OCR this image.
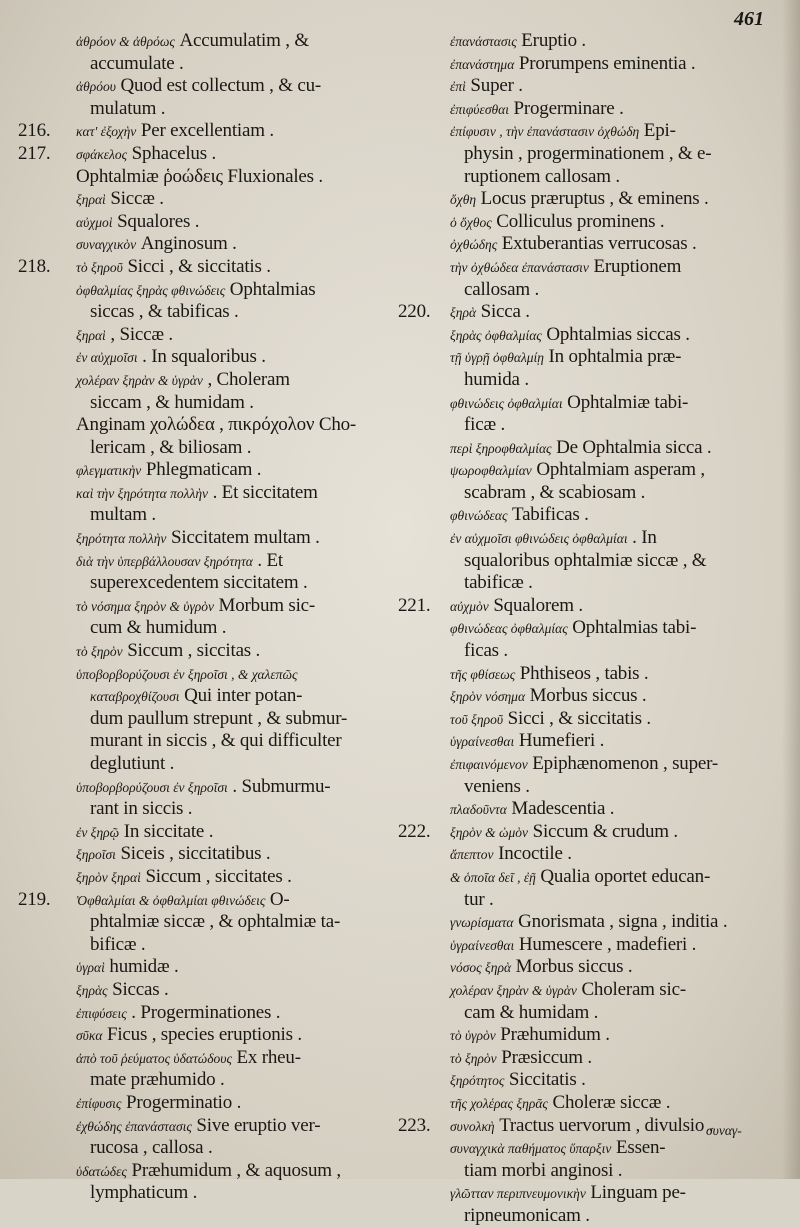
461
ἀθρόον & ἀθρόως Accumulatim , &
accumulate .
ἀθρόου Quod est collectum , & cu-
mulatum .
216. κατ' ἐξοχὴν Per excellentiam .
217. σφάκελος Sphacelus .
Ophtalmiæ ῥοώδεις Fluxionales .
ξηραὶ Siccæ .
αὐχμοὶ Squalores .
συναγχικὸν Anginosum .
218. τὸ ξηροῦ Sicci , & siccitatis .
ὀφθαλμίας ξηρὰς φθινώδεις Ophtalmias
siccas , & tabificas .
ξηραὶ , Siccæ .
ἐν αὐχμοῖσι . In squaloribus .
χολέραν ξηρὰν & ὑγρὰν , Choleram
siccam , & humidam .
Anginam χολώδεα , πικρόχολον Cho-
lericam , & biliosam .
φλεγματικὴν Phlegmaticam .
καὶ τὴν ξηρότητα πολλὴν . Et siccitatem
multam .
ξηρότητα πολλὴν Siccitatem multam .
διὰ τὴν ὑπερβάλλουσαν ξηρότητα . Et
superexcedentem siccitatem .
τὸ νόσημα ξηρὸν & ὑγρὸν Morbum sic-
cum & humidum .
τὸ ξηρὸν Siccum , siccitas .
ὑποβορβορύζουσι ἐν ξηροῖσι , & χαλεπῶς
καταβροχθίζουσι Qui inter potan-
dum paullum strepunt , & submur-
murant in siccis , & qui difficulter
deglutiunt .
ὑποβορβορύζουσι ἐν ξηροῖσι . Submurmu-
rant in siccis .
ἐν ξηρῷ In siccitate .
ξηροῖσι Siceis , siccitatibus .
ξηρὸν ξηραὶ Siccum , siccitates .
219. Ὀφθαλμίαι & ὀφθαλμίαι φθινώδεις O-
phtalmiæ siccæ , & ophtalmiæ ta-
bificæ .
ὑγραὶ humidæ .
ξηρὰς Siccas .
ἐπιφύσεις . Progerminationes .
σῦκα Ficus , species eruptionis .
ἀπὸ τοῦ ῥεύματος ὑδατώδους Ex rheu-
mate præhumido .
ἐπίφυσις Progerminatio .
ἐχθώδης ἐπανάστασις Sive eruptio ver-
rucosa , callosa .
ὑδατώδες Præhumidum , & aquosum ,
lymphaticum .
ἐπανάστασις Eruptio .
ἐπανάστημα Prorumpens eminentia .
ἐπὶ Super .
ἐπιφύεσθαι Progerminare .
ἐπίφυσιν , τὴν ἐπανάστασιν ὀχθώδη Epi-
physin , progerminationem , & e-
ruptionem callosam .
ὄχθη Locus præruptus , & eminens .
ὁ ὄχθος Colliculus prominens .
ὀχθώδης Extuberantias verrucosas .
τὴν ὀχθώδεα ἐπανάστασιν Eruptionem
callosam .
220. ξηρὰ Sicca .
ξηρὰς ὀφθαλμίας Ophtalmias siccas .
τῇ ὑγρῇ ὀφθαλμίῃ In ophtalmia præ-
humida .
φθινώδεις ὀφθαλμίαι Ophtalmiæ tabi-
ficæ .
περὶ ξηροφθαλμίας De Ophtalmia sicca .
ψωροφθαλμίαν Ophtalmiam asperam ,
scabram , & scabiosam .
φθινώδεας Tabificas .
ἐν αὐχμοῖσι φθινώδεις ὀφθαλμίαι . In
squaloribus ophtalmiæ siccæ , &
tabificæ .
221. αὐχμὸν Squalorem .
φθινώδεας ὀφθαλμίας Ophtalmias tabi-
ficas .
τῆς φθίσεως Phthiseos , tabis .
ξηρὸν νόσημα Morbus siccus .
τοῦ ξηροῦ Sicci , & siccitatis .
ὑγραίνεσθαι Humefieri .
ἐπιφαινόμενον Epiphænomenon , super-
veniens .
πλαδοῦντα Madescentia .
222. ξηρὸν & ὠμὸν Siccum & crudum .
ἄπεπτον Incoctile .
& ὁποῖα δεῖ , ἐῇ Qualia oportet educan-
tur .
γνωρίσματα Gnorismata , signa , inditia .
ὑγραίνεσθαι Humescere , madefieri .
νόσος ξηρὰ Morbus siccus .
χολέραν ξηρὰν & ὑγρὰν Choleram sic-
cam & humidam .
τὸ ὑγρὸν Præhumidum .
τὸ ξηρὸν Præsiccum .
ξηρότητος Siccitatis .
τῆς χολέρας ξηρᾶς Choleræ siccæ .
223. συνολκὴ Tractus uervorum , divulsio .
συναγχικὰ παθήματος ὕπαρξιν Essen-
tiam morbi anginosi .
γλῶτταν περιπνευμονικὴν Linguam pe-
ripneumonicam .
συναγ-
